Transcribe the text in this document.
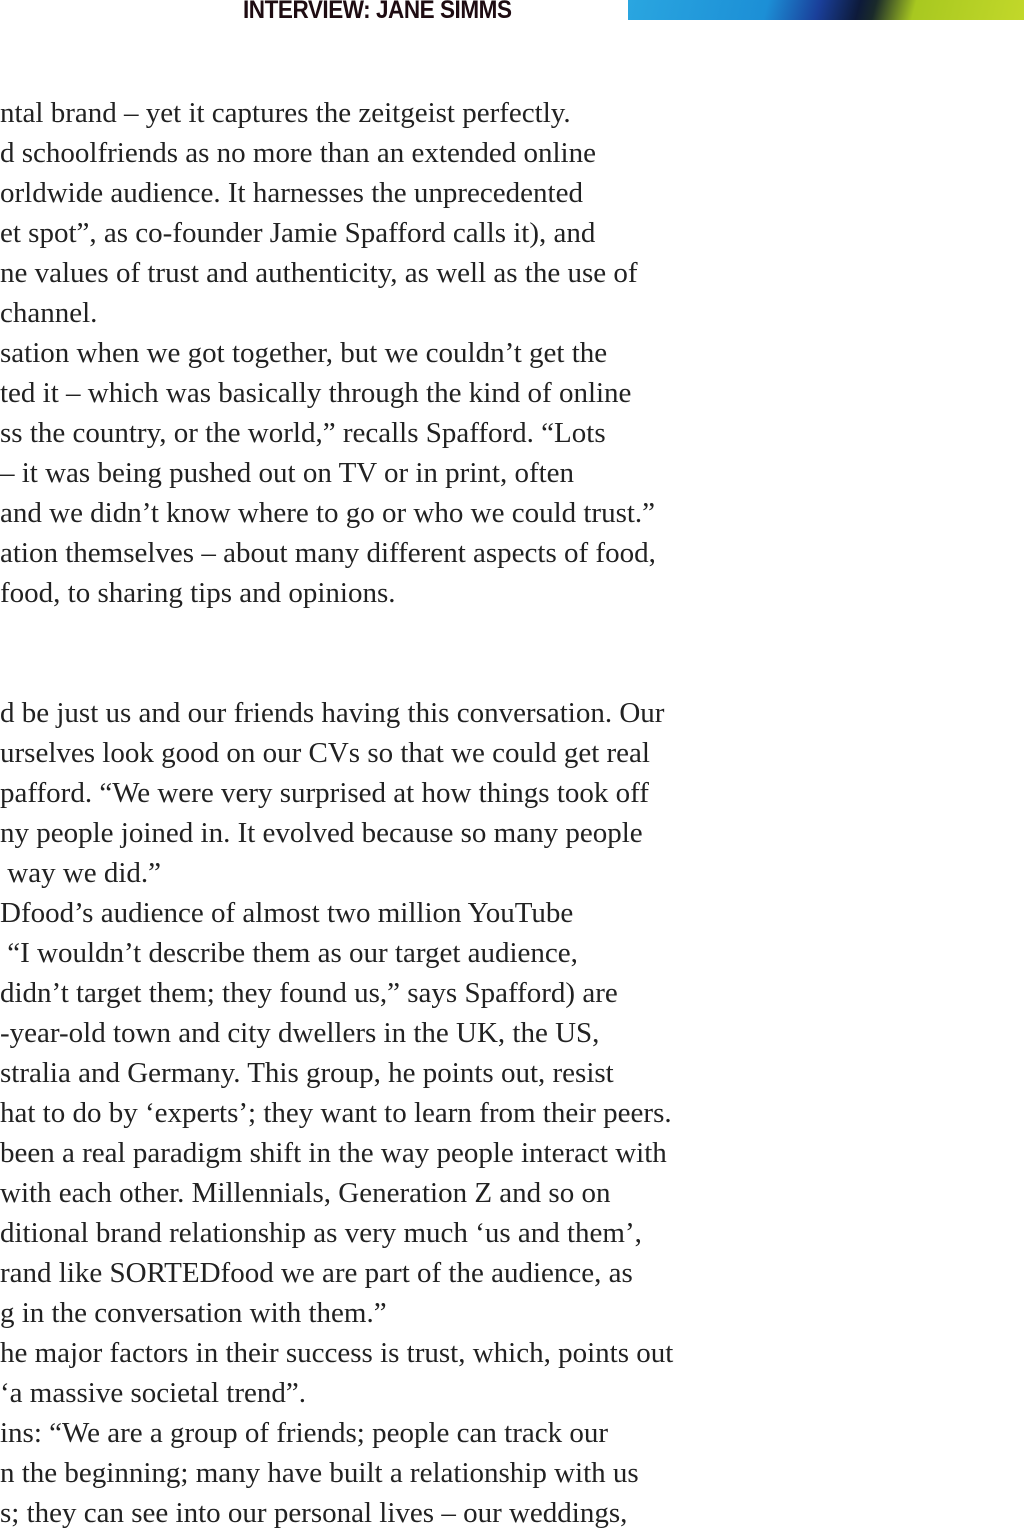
INTERVIEW: JANE SIMMS
ntal brand – yet it captures the zeitgeist perfectly.
d schoolfriends as no more than an extended online
orldwide audience. It harnesses the unprecedented
et spot”, as co-founder Jamie Spafford calls it), and
ne values of trust and authenticity, as well as the use of
channel.
sation when we got together, but we couldn’t get the
ted it – which was basically through the kind of online
ss the country, or the world,” recalls Spafford. “Lots
– it was being pushed out on TV or in print, often
and we didn’t know where to go or who we could trust.”
ation themselves – about many different aspects of food,
food, to sharing tips and opinions.
d be just us and our friends having this conversation. Our
urselves look good on our CVs so that we could get real
pafford. “We were very surprised at how things took off
ny people joined in. It evolved because so many people
way we did.”
Dfood’s audience of almost two million YouTube
“I wouldn’t describe them as our target audience,
didn’t target them; they found us,” says Spafford) are
-year-old town and city dwellers in the UK, the US,
stralia and Germany. This group, he points out, resist
hat to do by ‘experts’; they want to learn from their peers.
been a real paradigm shift in the way people interact with
with each other. Millennials, Generation Z and so on
ditional brand relationship as very much ‘us and them’,
rand like SORTEDfood we are part of the audience, as
g in the conversation with them.”
he major factors in their success is trust, which, points out
‘a massive societal trend”.
ins: “We are a group of friends; people can track our
n the beginning; many have built a relationship with us
s; they can see into our personal lives – our weddings,
